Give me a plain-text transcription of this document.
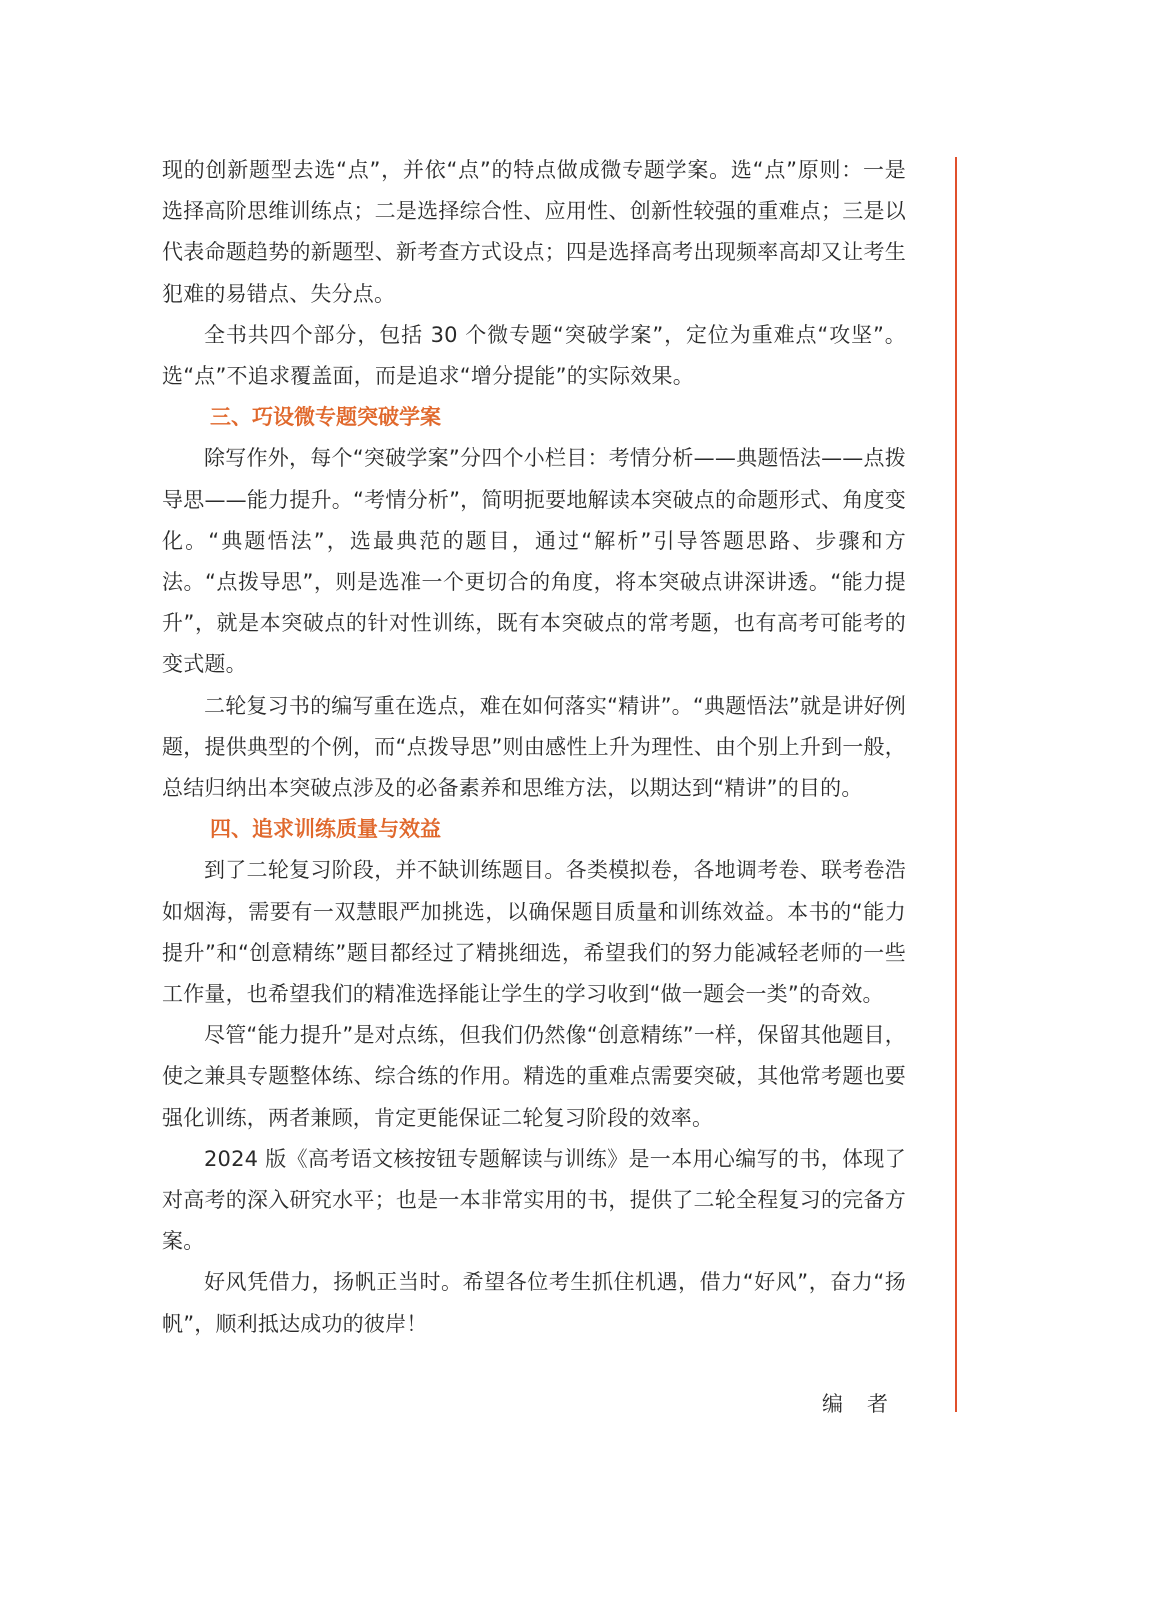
现的创新题型去选“点”，并依“点”的特点做成微专题学案。选“点”原则：一是选择高阶思维训练点；二是选择综合性、应用性、创新性较强的重难点；三是以代表命题趋势的新题型、新考查方式设点；四是选择高考出现频率高却又让考生犯难的易错点、失分点。

全书共四个部分，包括 30 个微专题“突破学案”，定位为重难点“攻坚”。选“点”不追求覆盖面，而是追求“增分提能”的实际效果。

三、巧设微专题突破学案

除写作外，每个“突破学案”分四个小栏目：考情分析——典题悟法——点拨导思——能力提升。“考情分析”，简明扼要地解读本突破点的命题形式、角度变化。“典题悟法”，选最典范的题目，通过“解析”引导答题思路、步骤和方法。“点拨导思”，则是选准一个更切合的角度，将本突破点讲深讲透。“能力提升”，就是本突破点的针对性训练，既有本突破点的常考题，也有高考可能考的变式题。

二轮复习书的编写重在选点，难在如何落实“精讲”。“典题悟法”就是讲好例题，提供典型的个例，而“点拨导思”则由感性上升为理性、由个别上升到一般，总结归纳出本突破点涉及的必备素养和思维方法，以期达到“精讲”的目的。

四、追求训练质量与效益

到了二轮复习阶段，并不缺训练题目。各类模拟卷，各地调考卷、联考卷浩如烟海，需要有一双慧眼严加挑选，以确保题目质量和训练效益。本书的“能力提升”和“创意精练”题目都经过了精挑细选，希望我们的努力能减轻老师的一些工作量，也希望我们的精准选择能让学生的学习收到“做一题会一类”的奇效。

尽管“能力提升”是对点练，但我们仍然像“创意精练”一样，保留其他题目，使之兼具专题整体练、综合练的作用。精选的重难点需要突破，其他常考题也要强化训练，两者兼顾，肯定更能保证二轮复习阶段的效率。

2024 版《高考语文核按钮专题解读与训练》是一本用心编写的书，体现了对高考的深入研究水平；也是一本非常实用的书，提供了二轮全程复习的完备方案。

好风凭借力，扬帆正当时。希望各位考生抓住机遇，借力“好风”，奋力“扬帆”，顺利抵达成功的彼岸！

编者
